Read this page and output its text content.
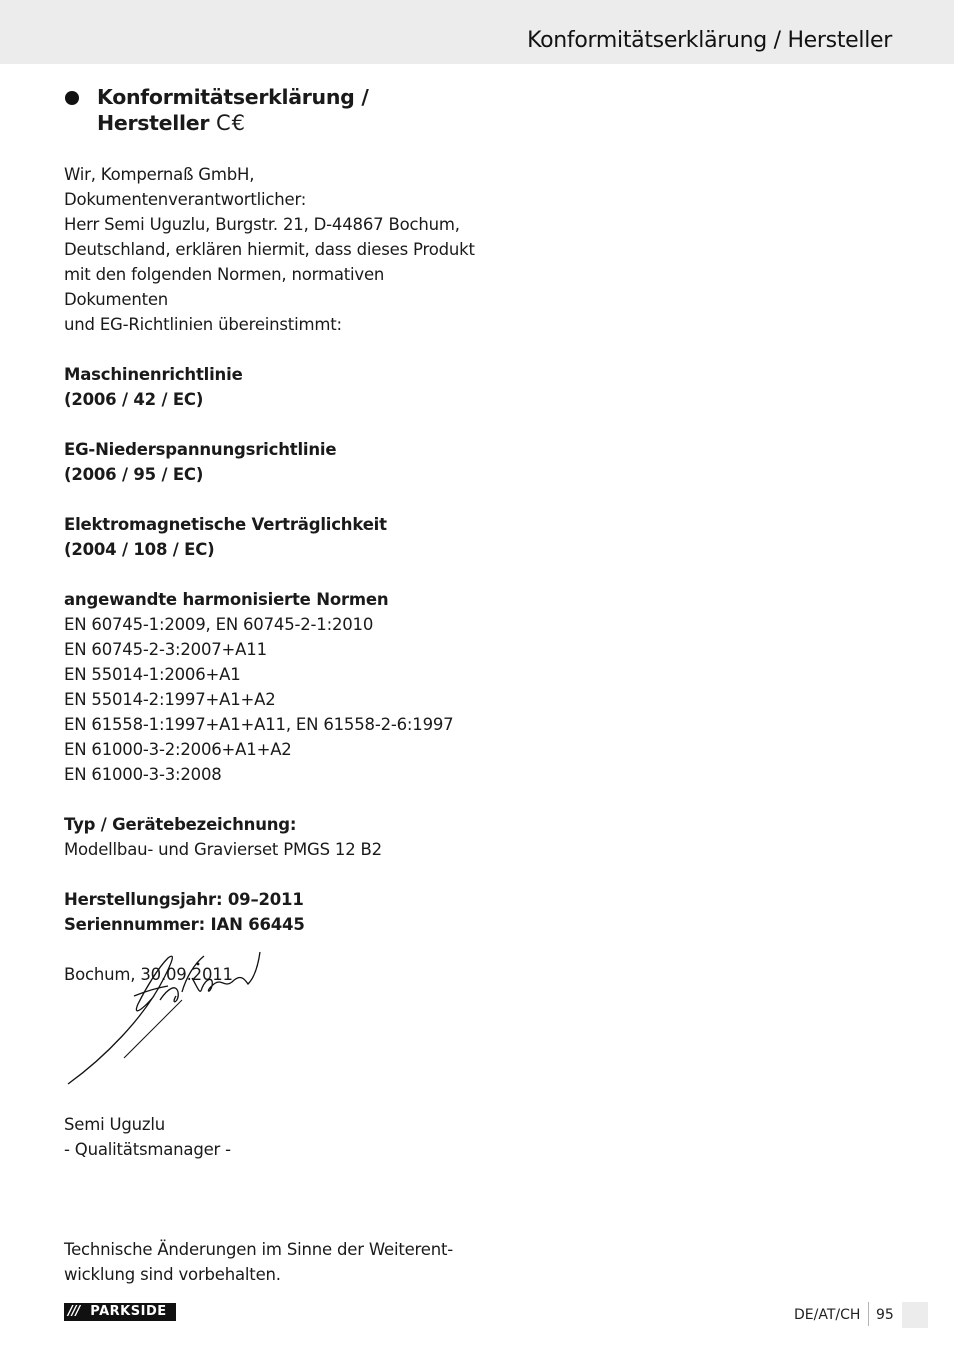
Konformitätserklärung / Hersteller
Konformitätserklärung /
Hersteller C€

Wir, Kompernaß GmbH, Dokumentenverantwortlicher:

Herr Semi Uguzlu, Burgstr. 21, D-44867 Bochum,

Deutschland, erklären hiermit, dass dieses Produkt

mit den folgenden Normen, normativen Dokumenten

und EG-Richtlinien übereinstimmt:

Maschinenrichtlinie

(2006 / 42 / EC)

EG-Niederspannungsrichtlinie

(2006 / 95 / EC)

Elektromagnetische Verträglichkeit

(2004 / 108 / EC)

angewandte harmonisierte Normen

EN 60745-1:2009, EN 60745-2-1:2010

EN 60745-2-3:2007+A11

EN 55014-1:2006+A1

EN 55014-2:1997+A1+A2

EN 61558-1:1997+A1+A11, EN 61558-2-6:1997

EN 61000-3-2:2006+A1+A2

EN 61000-3-3:2008

Typ / Gerätebezeichnung:

Modellbau- und Gravierset PMGS 12 B2

Herstellungsjahr: 09–2011

Seriennummer: IAN 66445

Bochum, 30.09.2011

Semi Uguzlu

- Qualitätsmanager -

Technische Änderungen im Sinne der Weiterent-

wicklung sind vorbehalten.

/// PARKSIDE	DE/AT/CH 95
